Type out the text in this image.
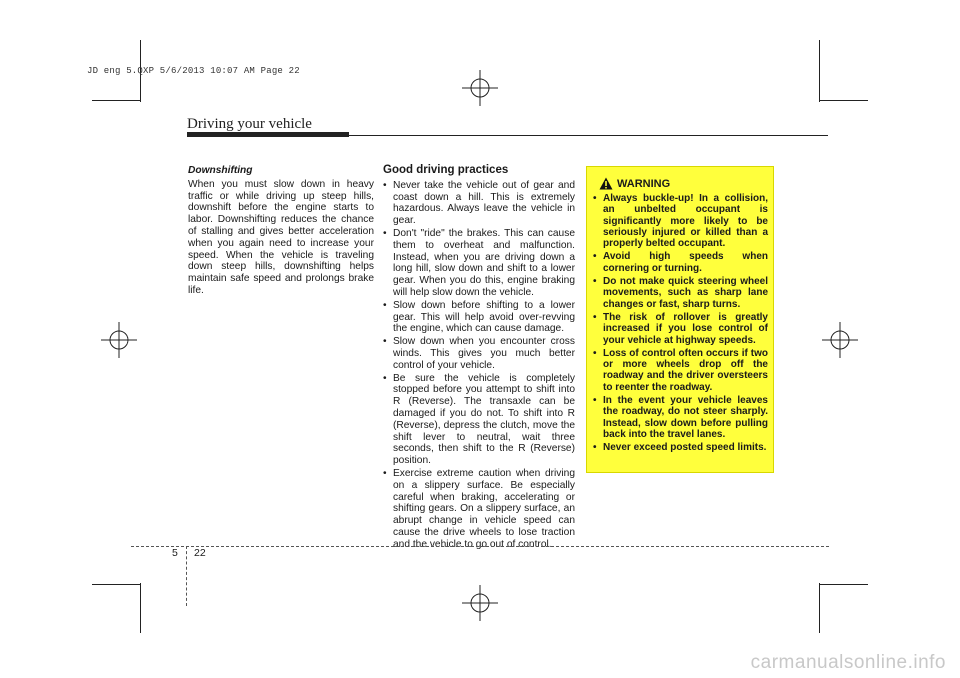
JD eng 5.QXP 5/6/2013 10:07 AM Page 22
Driving your vehicle
Downshifting
When you must slow down in heavy traffic or while driving up steep hills, downshift before the engine starts to labor. Downshifting reduces the chance of stalling and gives better acceleration when you again need to increase your speed. When the vehicle is traveling down steep hills, downshifting helps maintain safe speed and prolongs brake life.
Good driving practices
• Never take the vehicle out of gear and coast down a hill. This is extremely hazardous. Always leave the vehicle in gear.
• Don't "ride" the brakes. This can cause them to overheat and malfunction. Instead, when you are driving down a long hill, slow down and shift to a lower gear. When you do this, engine braking will help slow down the vehicle.
• Slow down before shifting to a lower gear. This will help avoid over-revving the engine, which can cause damage.
• Slow down when you encounter cross winds. This gives you much better control of your vehicle.
• Be sure the vehicle is completely stopped before you attempt to shift into R (Reverse). The transaxle can be damaged if you do not. To shift into R (Reverse), depress the clutch, move the shift lever to neutral, wait three seconds, then shift to the R (Reverse) position.
• Exercise extreme caution when driving on a slippery surface. Be especially careful when braking, accelerating or shifting gears. On a slippery surface, an abrupt change in vehicle speed can cause the drive wheels to lose traction and the vehicle to go out of control.
WARNING
• Always buckle-up! In a collision, an unbelted occupant is significantly more likely to be seriously injured or killed than a properly belted occupant.
• Avoid high speeds when cornering or turning.
• Do not make quick steering wheel movements, such as sharp lane changes or fast, sharp turns.
• The risk of rollover is greatly increased if you lose control of your vehicle at highway speeds.
• Loss of control often occurs if two or more wheels drop off the roadway and the driver oversteers to reenter the roadway.
• In the event your vehicle leaves the roadway, do not steer sharply. Instead, slow down before pulling back into the travel lanes.
• Never exceed posted speed limits.
5 22
carmanualsonline.info
